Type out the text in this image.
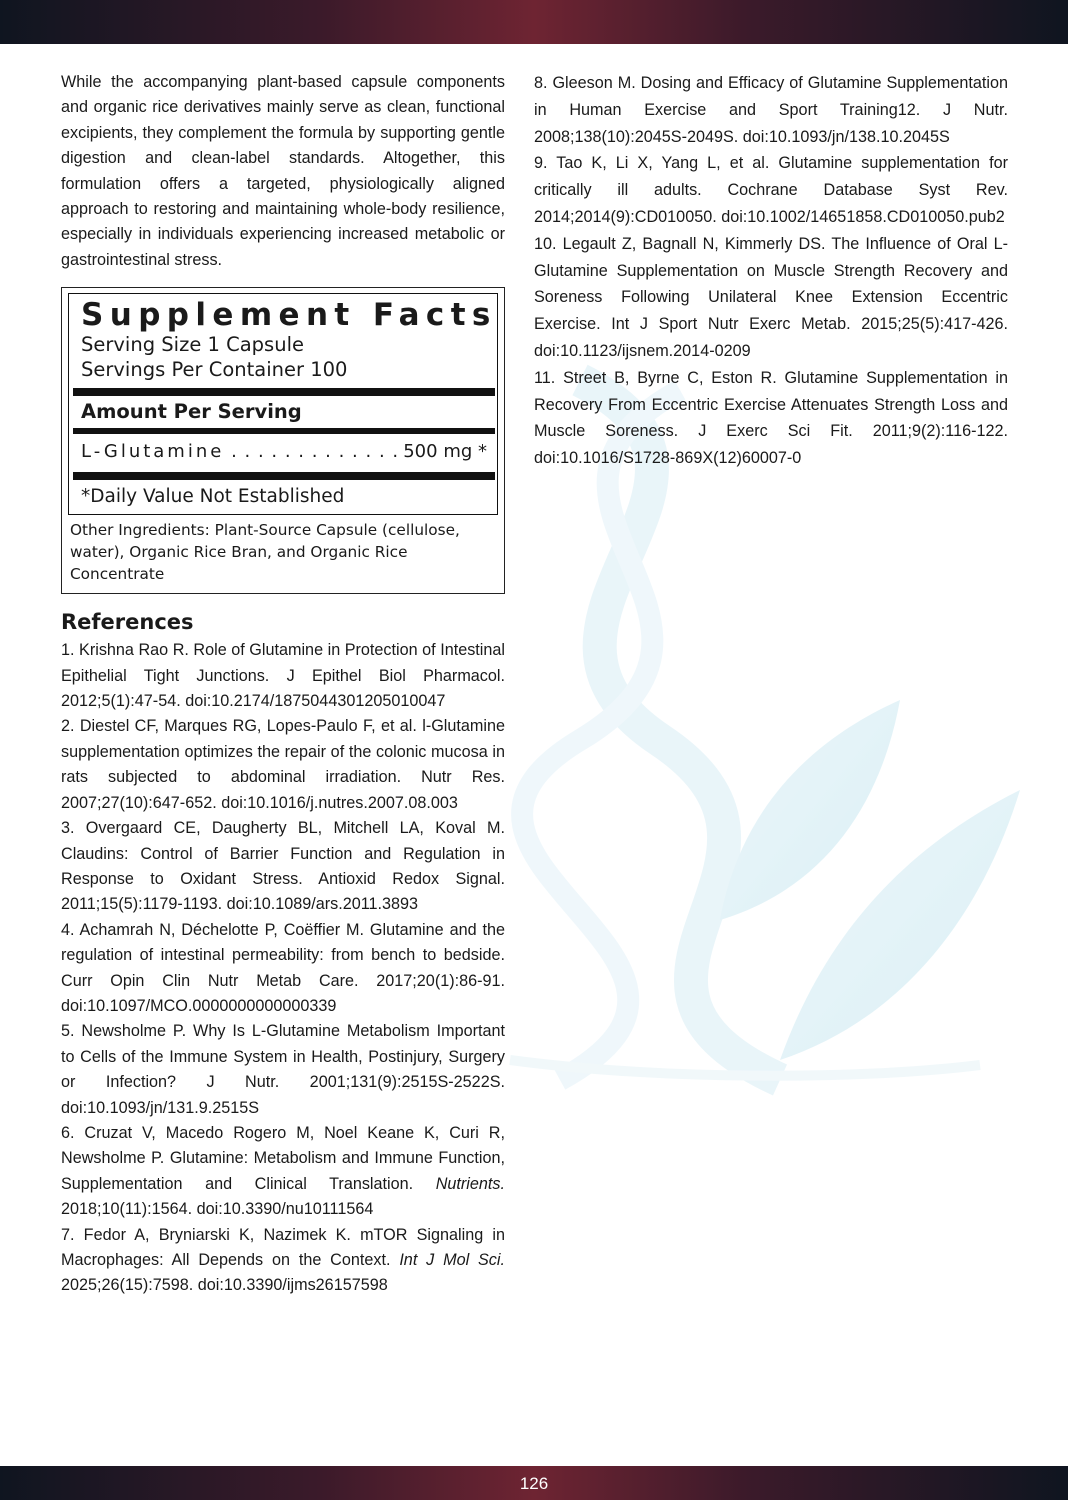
While the accompanying plant-based capsule components and organic rice derivatives mainly serve as clean, functional excipients, they complement the formula by supporting gentle digestion and clean-label standards. Altogether, this formulation offers a targeted, physiologically aligned approach to restoring and maintaining whole-body resilience, especially in individuals experiencing increased metabolic or gastrointestinal stress.

Supplement Facts
Serving Size 1 Capsule
Servings Per Container 100
Amount Per Serving
L-Glutamine . . . . . . . . . . . . . 500 mg *
*Daily Value Not Established
Other Ingredients: Plant-Source Capsule (cellulose, water), Organic Rice Bran, and Organic Rice Concentrate
References

1. Krishna Rao R. Role of Glutamine in Protection of Intestinal Epithelial Tight Junctions. J Epithel Biol Pharmacol. 2012;5(1):47-54. doi:10.2174/1875044301205010047

2. Diestel CF, Marques RG, Lopes-Paulo F, et al. l-Glutamine supplementation optimizes the repair of the colonic mucosa in rats subjected to abdominal irradiation. Nutr Res. 2007;27(10):647-652. doi:10.1016/j.nutres.2007.08.003

3. Overgaard CE, Daugherty BL, Mitchell LA, Koval M. Claudins: Control of Barrier Function and Regulation in Response to Oxidant Stress. Antioxid Redox Signal. 2011;15(5):1179-1193. doi:10.1089/ars.2011.3893

4. Achamrah N, Déchelotte P, Coëffier M. Glutamine and the regulation of intestinal permeability: from bench to bedside. Curr Opin Clin Nutr Metab Care. 2017;20(1):86-91. doi:10.1097/MCO.0000000000000339

5. Newsholme P. Why Is L-Glutamine Metabolism Important to Cells of the Immune System in Health, Postinjury, Surgery or Infection? J Nutr. 2001;131(9):2515S-2522S. doi:10.1093/jn/131.9.2515S

6. Cruzat V, Macedo Rogero M, Noel Keane K, Curi R, Newsholme P. Glutamine: Metabolism and Immune Function, Supplementation and Clinical Translation. Nutrients. 2018;10(11):1564. doi:10.3390/nu10111564

7. Fedor A, Bryniarski K, Nazimek K. mTOR Signaling in Macrophages: All Depends on the Context. Int J Mol Sci. 2025;26(15):7598. doi:10.3390/ijms26157598

8. Gleeson M. Dosing and Efficacy of Glutamine Supplementation in Human Exercise and Sport Training12. J Nutr. 2008;138(10):2045S-2049S. doi:10.1093/jn/138.10.2045S

9. Tao K, Li X, Yang L, et al. Glutamine supplementation for critically ill adults. Cochrane Database Syst Rev. 2014;2014(9):CD010050. doi:10.1002/14651858.CD010050.pub2

10. Legault Z, Bagnall N, Kimmerly DS. The Influence of Oral L-Glutamine Supplementation on Muscle Strength Recovery and Soreness Following Unilateral Knee Extension Eccentric Exercise. Int J Sport Nutr Exerc Metab. 2015;25(5):417-426. doi:10.1123/ijsnem.2014-0209

11. Street B, Byrne C, Eston R. Glutamine Supplementation in Recovery From Eccentric Exercise Attenuates Strength Loss and Muscle Soreness. J Exerc Sci Fit. 2011;9(2):116-122. doi:10.1016/S1728-869X(12)60007-0

126
